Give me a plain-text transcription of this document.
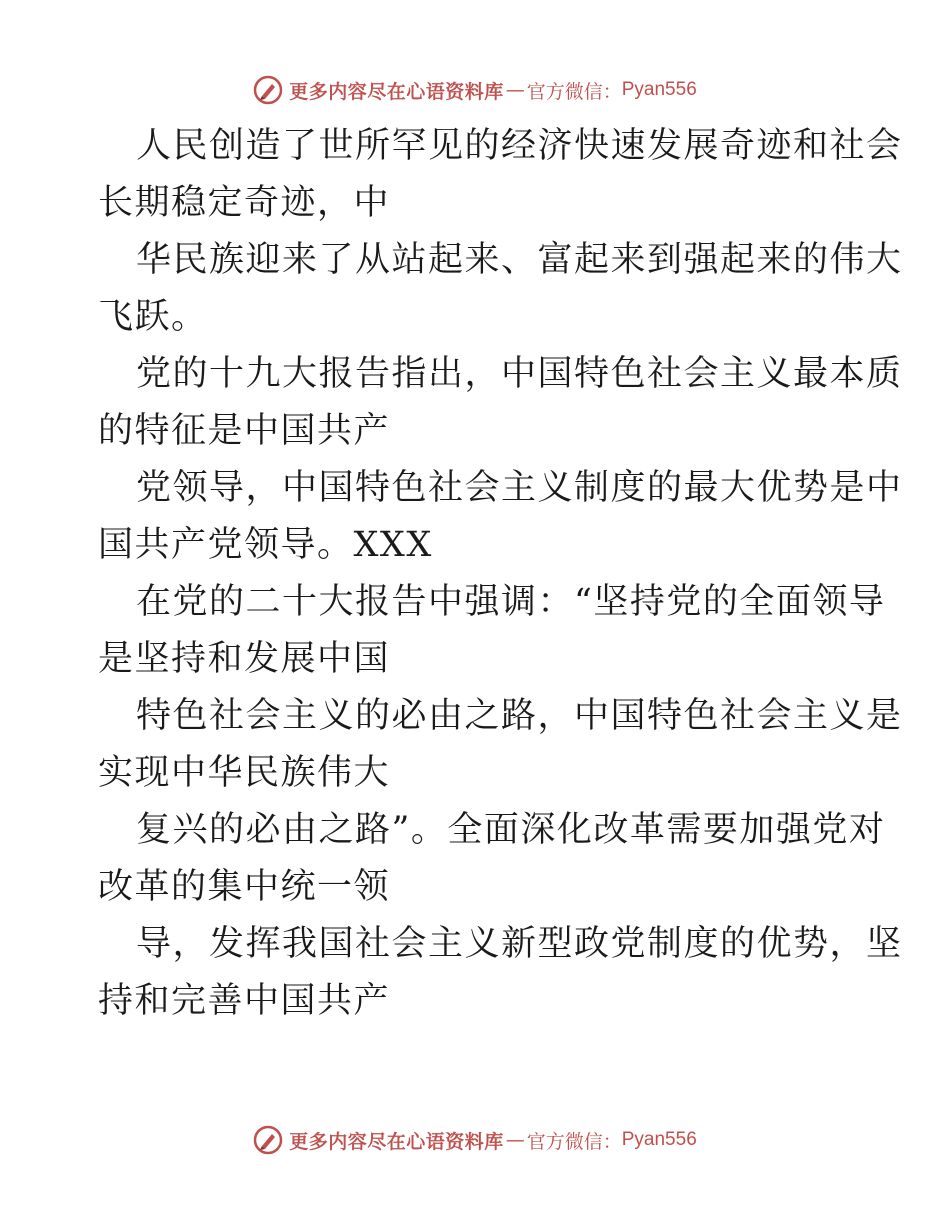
更多内容尽在心语资料库 — 官方微信： Pyan556

人民创造了世所罕见的经济快速发展奇迹和社会
长期稳定奇迹，中

华民族迎来了从站起来、富起来到强起来的伟大
飞跃。

党的十九大报告指出，中国特色社会主义最本质
的特征是中国共产

党领导，中国特色社会主义制度的最大优势是中
国共产党领导。XXX

在党的二十大报告中强调：“坚持党的全面领导
是坚持和发展中国

特色社会主义的必由之路，中国特色社会主义是
实现中华民族伟大

复兴的必由之路”。全面深化改革需要加强党对
改革的集中统一领

导，发挥我国社会主义新型政党制度的优势，坚
持和完善中国共产

更多内容尽在心语资料库 — 官方微信： Pyan556
